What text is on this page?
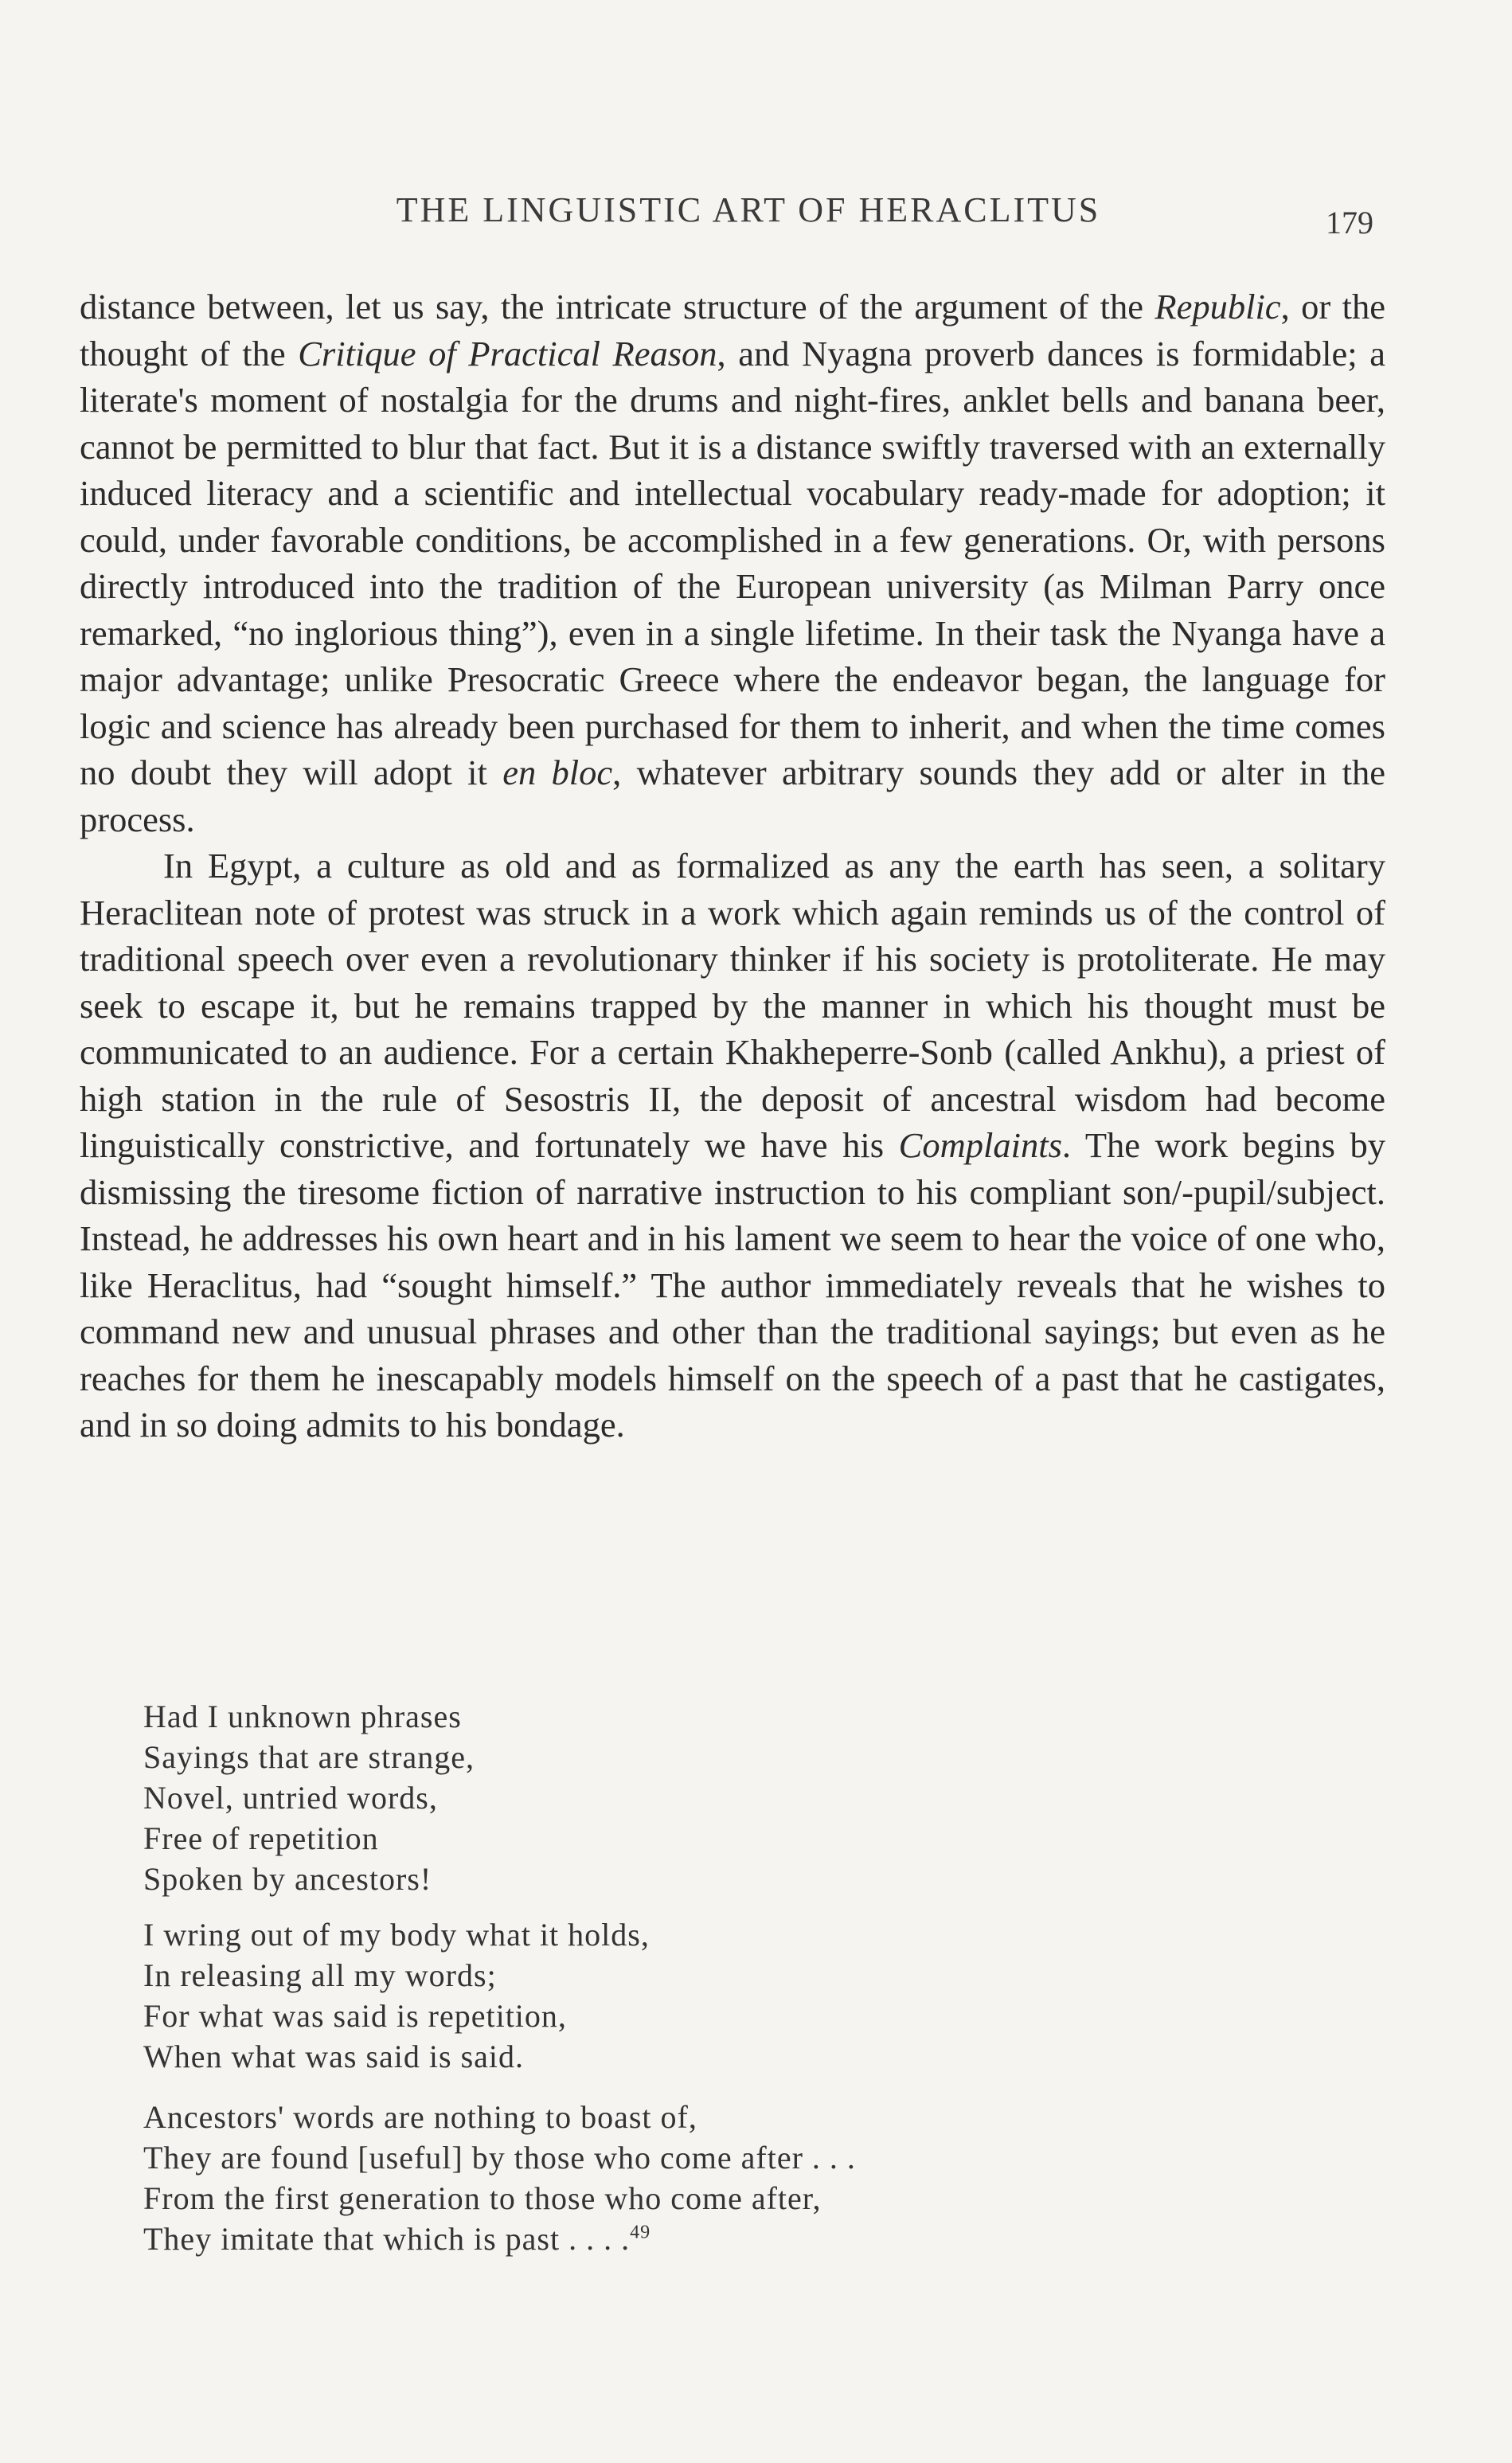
THE LINGUISTIC ART OF HERACLITUS	179

distance between, let us say, the intricate structure of the argument of the Republic, or the thought of the Critique of Practical Reason, and Nyagna proverb dances is formidable; a literate's moment of nostalgia for the drums and night-fires, anklet bells and banana beer, cannot be permitted to blur that fact. But it is a distance swiftly traversed with an externally induced literacy and a scientific and intellectual vocabulary ready-made for adoption; it could, under favorable conditions, be accomplished in a few generations. Or, with persons directly introduced into the tradition of the European university (as Milman Parry once remarked, “no inglorious thing”), even in a single lifetime. In their task the Nyanga have a major advantage; unlike Presocratic Greece where the endeavor began, the language for logic and science has already been purchased for them to inherit, and when the time comes no doubt they will adopt it en bloc, whatever arbitrary sounds they add or alter in the process.

In Egypt, a culture as old and as formalized as any the earth has seen, a solitary Heraclitean note of protest was struck in a work which again reminds us of the control of traditional speech over even a revolutionary thinker if his society is protoliterate. He may seek to escape it, but he remains trapped by the manner in which his thought must be communicated to an audience. For a certain Khakheperre-Sonb (called Ankhu), a priest of high station in the rule of Sesostris II, the deposit of ancestral wisdom had become linguistically constrictive, and fortunately we have his Complaints. The work begins by dismissing the tiresome fiction of narrative instruction to his compliant son/-pupil/subject. Instead, he addresses his own heart and in his lament we seem to hear the voice of one who, like Heraclitus, had “sought himself.” The author immediately reveals that he wishes to command new and unusual phrases and other than the traditional sayings; but even as he reaches for them he inescapably models himself on the speech of a past that he castigates, and in so doing admits to his bondage.

Had I unknown phrases
Sayings that are strange,
Novel, untried words,
Free of repetition
Spoken by ancestors!
I wring out of my body what it holds,
In releasing all my words;
For what was said is repetition,
When what was said is said.
Ancestors' words are nothing to boast of,
They are found [useful] by those who come after . . .
From the first generation to those who come after,
They imitate that which is past . . . .$^{49}$
